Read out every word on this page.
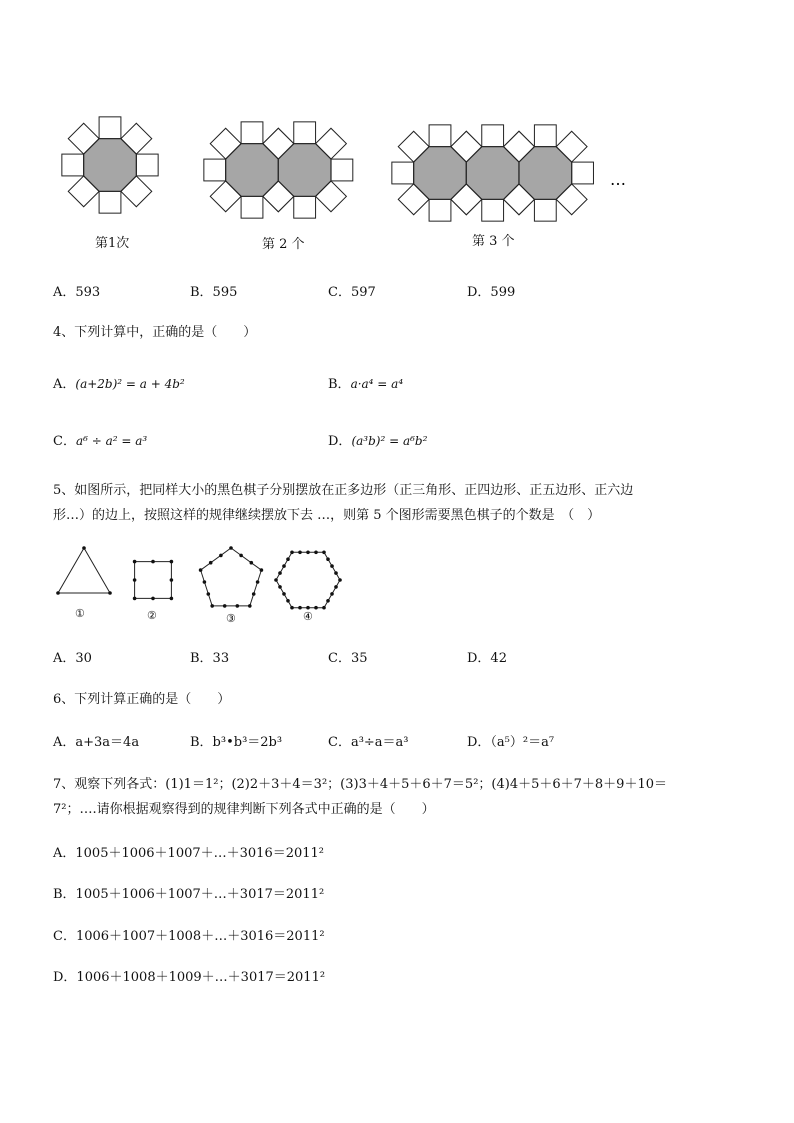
…
第1次	第 2 个	第 3 个
A．593	B．595	C．597	D．599
4、下列计算中，正确的是（　　）
A．(a+2b)² = a + 4b²	B．a·a⁴ = a⁴
C．a⁶ ÷ a² = a³	D．(a³b)² = a⁶b²
5、如图所示，把同样大小的黑色棋子分别摆放在正多边形（正三角形、正四边形、正五边形、正六边
形…）的边上，按照这样的规律继续摆放下去 …，则第 5 个图形需要黑色棋子的个数是　（　）
①	②	③	④
A．30	B．33	C．35	D．42
6、下列计算正确的是（　　）
A．a+3a＝4a	B．b³•b³＝2b³	C．a³÷a＝a³	D．（a⁵）²＝a⁷
7、观察下列各式：(1)1＝1²；(2)2＋3＋4＝3²；(3)3＋4＋5＋6＋7＝5²；(4)4＋5＋6＋7＋8＋9＋10＝
7²；….请你根据观察得到的规律判断下列各式中正确的是（　　）
A．1005＋1006＋1007＋…＋3016＝2011²
B．1005＋1006＋1007＋…＋3017＝2011²
C．1006＋1007＋1008＋…＋3016＝2011²
D．1006＋1008＋1009＋…＋3017＝2011²
